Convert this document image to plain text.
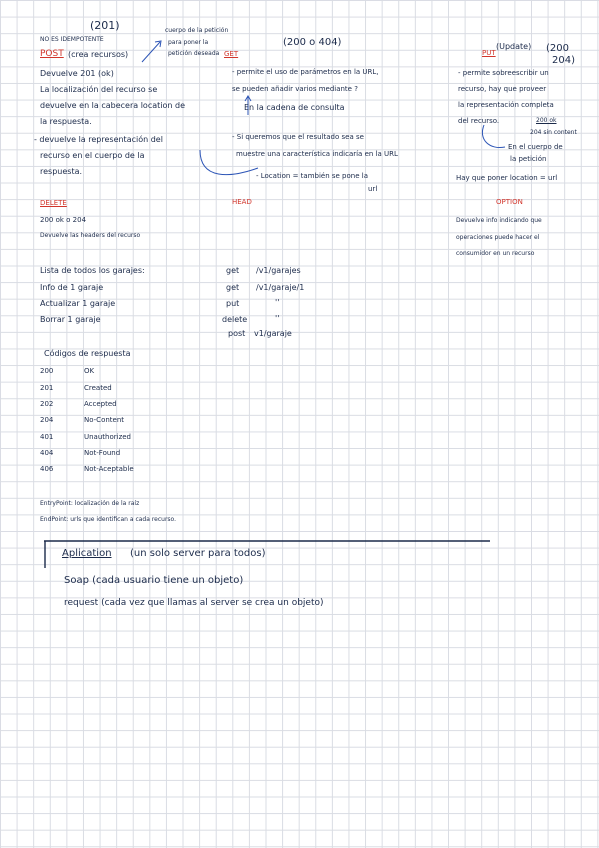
(201)
NO ES IDEMPOTENTE
POST (crea recursos)
Devuelve 201 (ok)
La localización del recurso se
devuelve en la cabecera location de
la respuesta.
- devuelve la representación del
recurso en el cuerpo de la
respuesta.
cuerpo de la petición
para poner la
petición deseada GET
(200 o 404)
- permite el uso de parámetros en la URL,
se pueden añadir varios mediante ?
En la cadena de consulta
- Si queremos que el resultado sea se
muestre una característica indicaría en la URL
- Location = también se pone la
url
PUT
(Update) (200
204)
- permite sobreescribir un
recurso, hay que proveer
la representación completa
del recurso.	200 ok
204 sin content
En el cuerpo de
la petición
Hay que poner location = url
DELETE
200 ok o 204
Devuelve las headers del recurso
HEAD	OPTION
Devuelve info indicando que
operaciones puede hacer el
consumidor en un recurso
Lista de todos los garajes:	get /v1/garajes
Info de 1 garaje	get /v1/garaje/1
Actualizar 1 garaje	put	''
Borrar 1 garaje	delete	''
post v1/garaje
Códigos de respuesta
200	OK
201	Created
202	Accepted
204	No-Content
401	Unauthorized
404	Not-Found
406	Not-Aceptable
EntryPoint: localización de la raíz
EndPoint: urls que identifican a cada recurso.
Aplication (un solo server para todos)
Soap (cada usuario tiene un objeto)
request (cada vez que llamas al server se crea un objeto)
